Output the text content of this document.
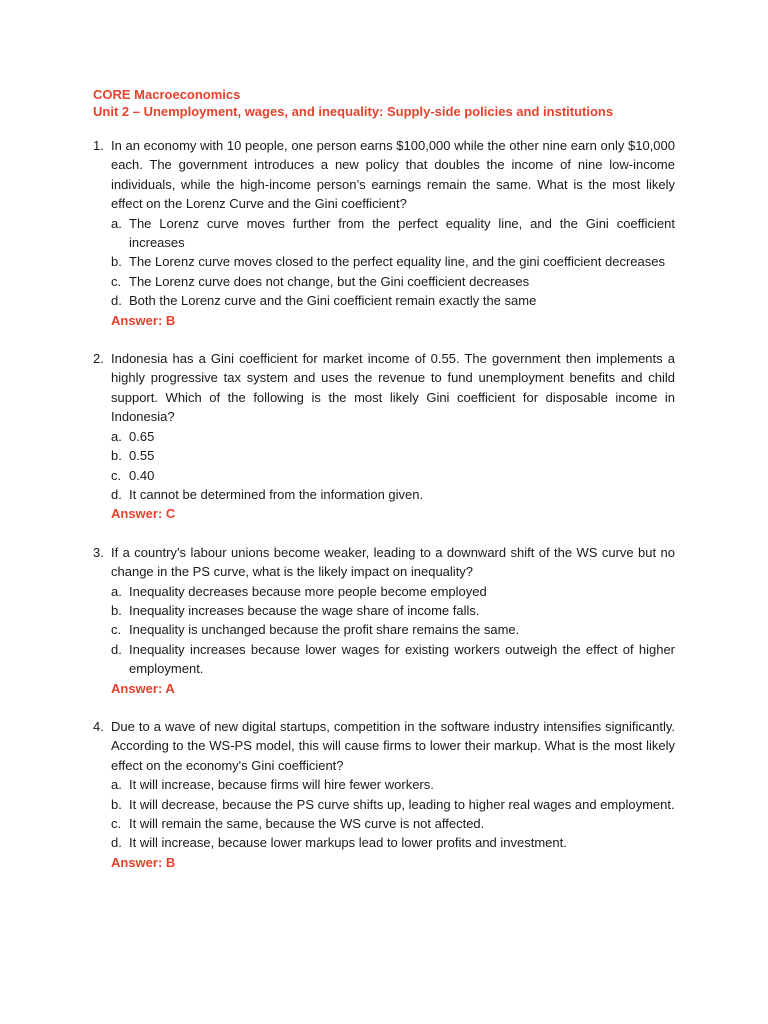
CORE Macroeconomics

Unit 2 – Unemployment, wages, and inequality: Supply-side policies and institutions

1. In an economy with 10 people, one person earns $100,000 while the other nine earn only $10,000 each. The government introduces a new policy that doubles the income of nine low-income individuals, while the high-income person’s earnings remain the same. What is the most likely effect on the Lorenz Curve and the Gini coefficient?

a. The Lorenz curve moves further from the perfect equality line, and the Gini coefficient increases
b. The Lorenz curve moves closed to the perfect equality line, and the gini coefficient decreases
c. The Lorenz curve does not change, but the Gini coefficient decreases
d. Both the Lorenz curve and the Gini coefficient remain exactly the same
Answer: B
2. Indonesia has a Gini coefficient for market income of 0.55. The government then implements a highly progressive tax system and uses the revenue to fund unemployment benefits and child support. Which of the following is the most likely Gini coefficient for disposable income in Indonesia?

a. 0.65
b. 0.55
c. 0.40
d. It cannot be determined from the information given.
Answer: C
3. If a country’s labour unions become weaker, leading to a downward shift of the WS curve but no change in the PS curve, what is the likely impact on inequality?

a. Inequality decreases because more people become employed
b. Inequality increases because the wage share of income falls.
c. Inequality is unchanged because the profit share remains the same.
d. Inequality increases because lower wages for existing workers outweigh the effect of higher employment.
Answer: A
4. Due to a wave of new digital startups, competition in the software industry intensifies significantly. According to the WS-PS model, this will cause firms to lower their markup. What is the most likely effect on the economy's Gini coefficient?

a. It will increase, because firms will hire fewer workers.
b. It will decrease, because the PS curve shifts up, leading to higher real wages and employment.
c. It will remain the same, because the WS curve is not affected.
d. It will increase, because lower markups lead to lower profits and investment.
Answer: B
